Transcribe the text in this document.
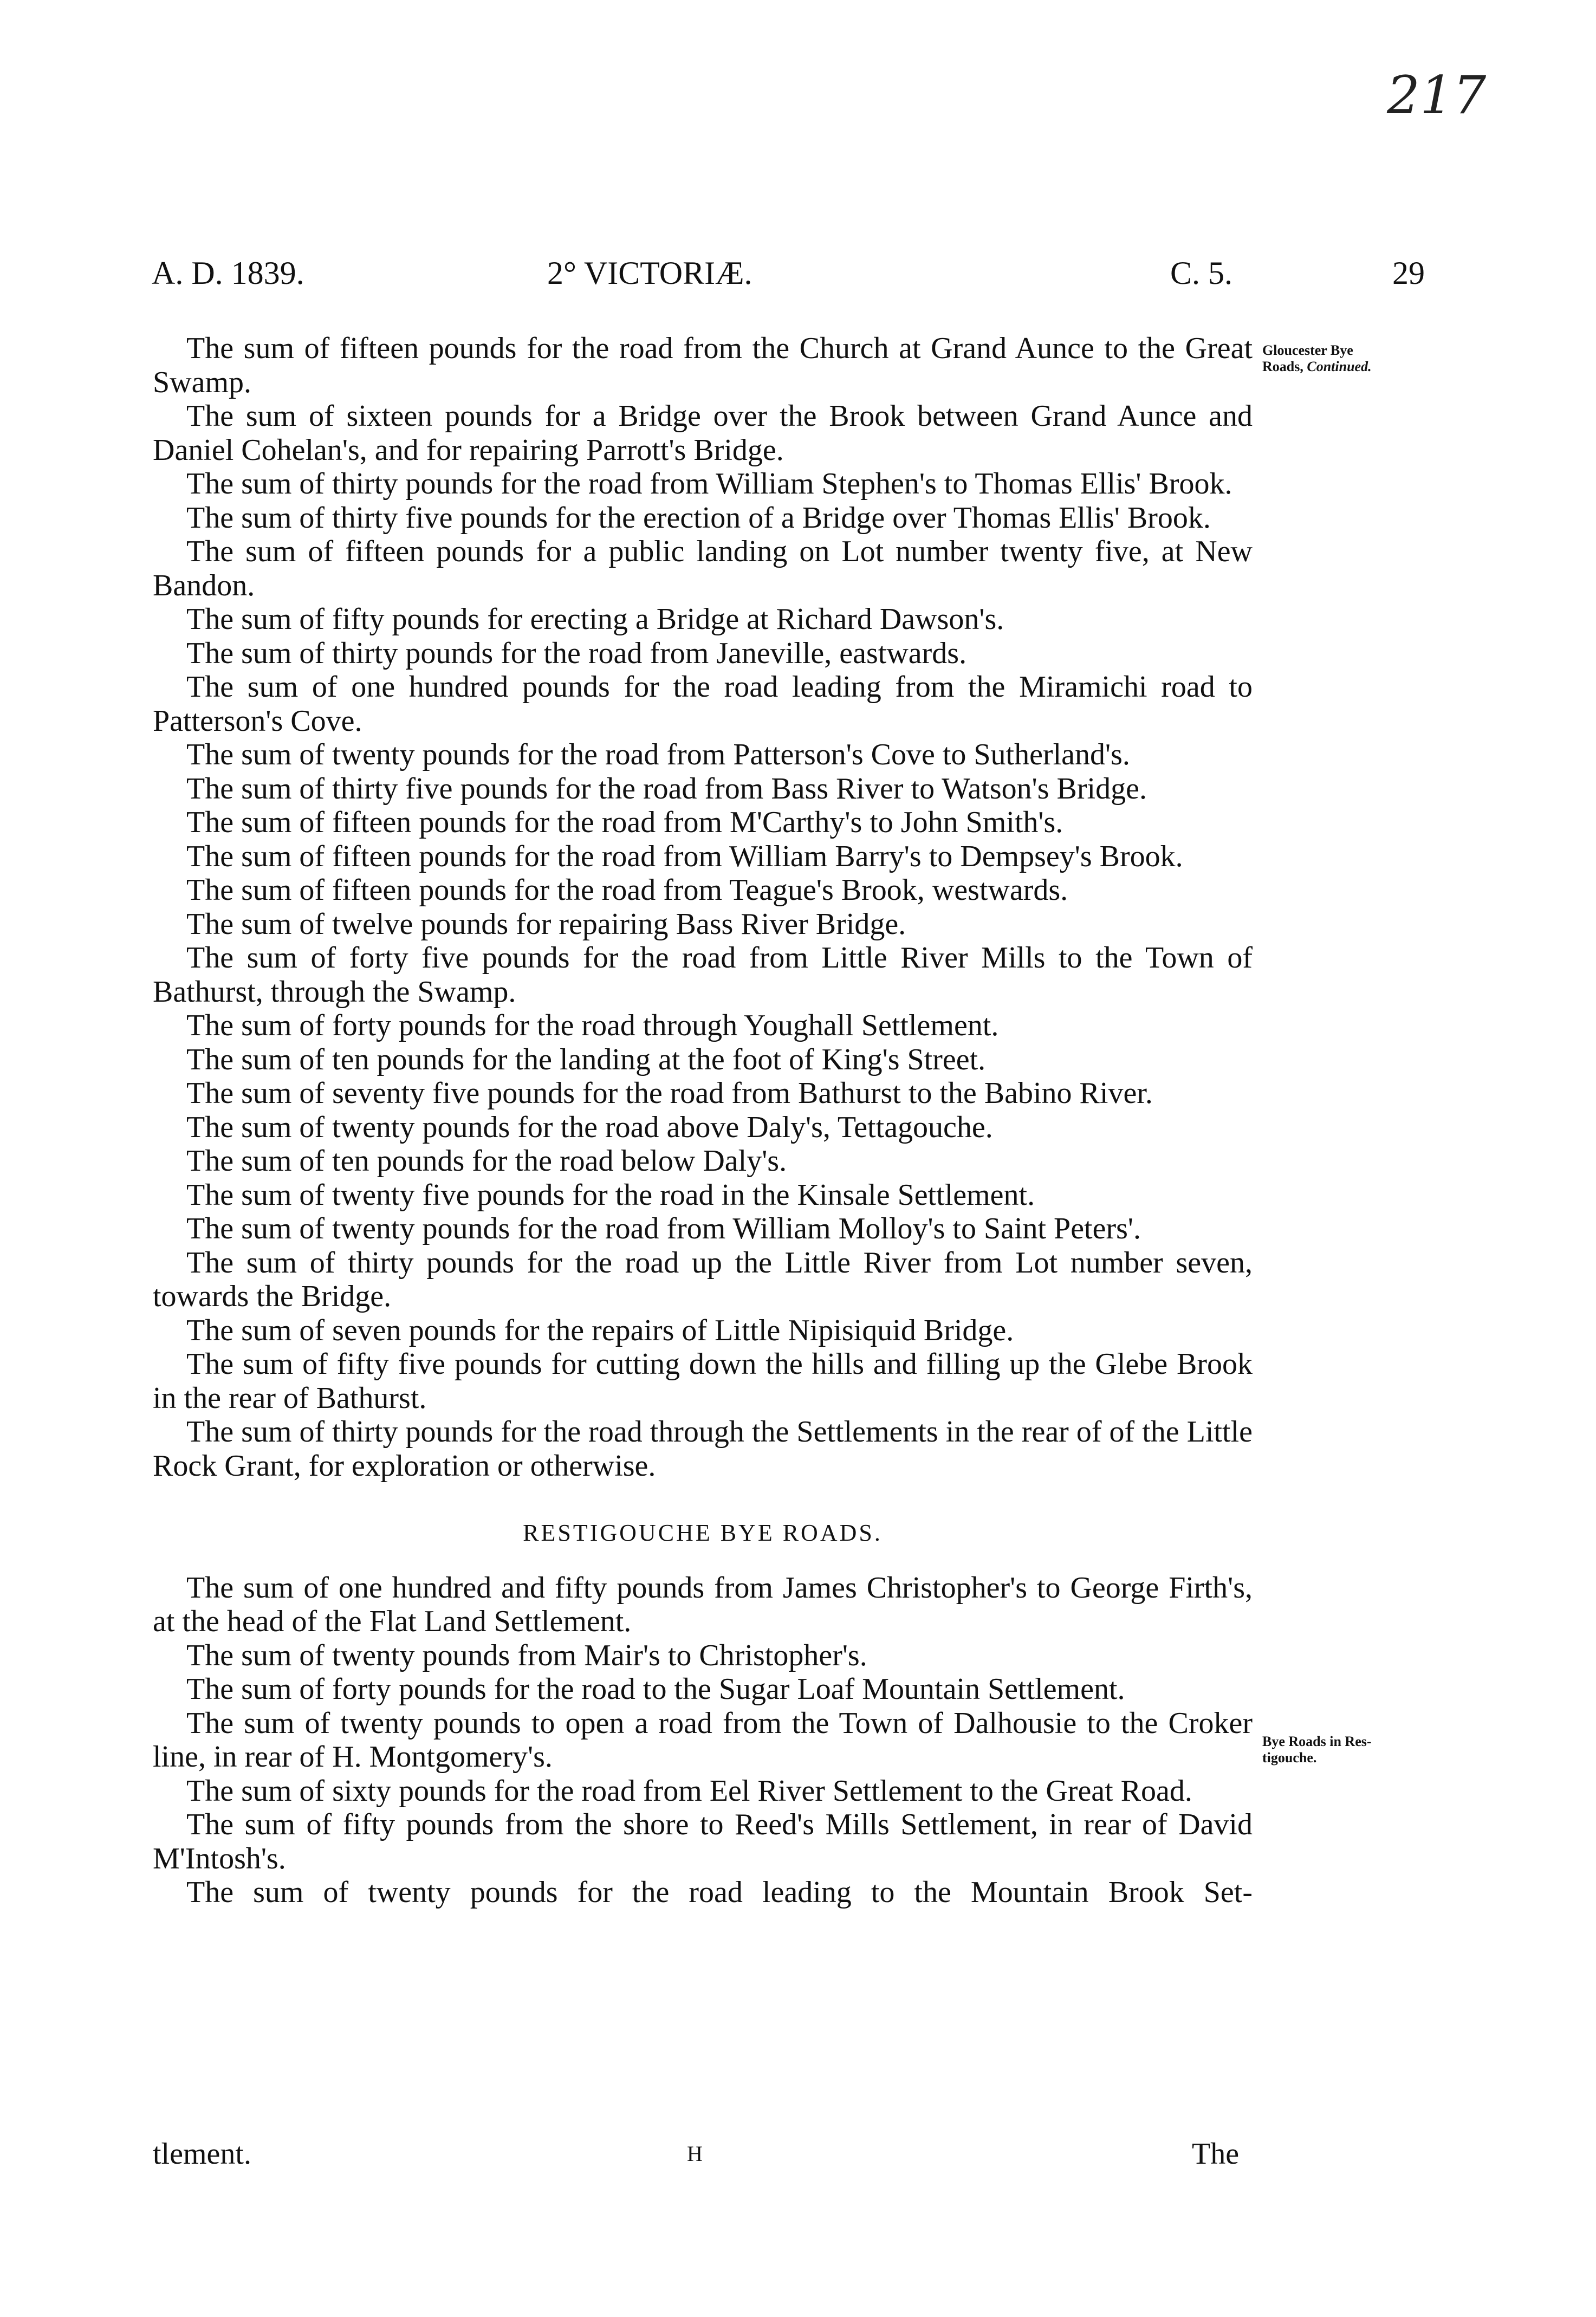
217
A. D. 1839.	2° VICTORIÆ.	C. 5.	29
Gloucester Bye
Roads, Continued.
Bye Roads in Res-
tigouche.

The sum of fifteen pounds for the road from the Church at Grand Aunce to the Great Swamp.

The sum of sixteen pounds for a Bridge over the Brook between Grand Aunce and Daniel Cohelan's, and for repairing Parrott's Bridge.

The sum of thirty pounds for the road from William Stephen's to Thomas Ellis' Brook.

The sum of thirty five pounds for the erection of a Bridge over Thomas Ellis' Brook.

The sum of fifteen pounds for a public landing on Lot number twenty five, at New Bandon.

The sum of fifty pounds for erecting a Bridge at Richard Dawson's.

The sum of thirty pounds for the road from Janeville, eastwards.

The sum of one hundred pounds for the road leading from the Miramichi road to Patterson's Cove.

The sum of twenty pounds for the road from Patterson's Cove to Sutherland's.

The sum of thirty five pounds for the road from Bass River to Watson's Bridge.

The sum of fifteen pounds for the road from M'Carthy's to John Smith's.

The sum of fifteen pounds for the road from William Barry's to Dempsey's Brook.

The sum of fifteen pounds for the road from Teague's Brook, westwards.

The sum of twelve pounds for repairing Bass River Bridge.

The sum of forty five pounds for the road from Little River Mills to the Town of Bathurst, through the Swamp.

The sum of forty pounds for the road through Youghall Settlement.

The sum of ten pounds for the landing at the foot of King's Street.

The sum of seventy five pounds for the road from Bathurst to the Babino River.

The sum of twenty pounds for the road above Daly's, Tettagouche.

The sum of ten pounds for the road below Daly's.

The sum of twenty five pounds for the road in the Kinsale Settlement.

The sum of twenty pounds for the road from William Molloy's to Saint Peters'.

The sum of thirty pounds for the road up the Little River from Lot number seven, towards the Bridge.

The sum of seven pounds for the repairs of Little Nipisiquid Bridge.

The sum of fifty five pounds for cutting down the hills and filling up the Glebe Brook in the rear of Bathurst.

The sum of thirty pounds for the road through the Settlements in the rear of of the Little Rock Grant, for exploration or otherwise.

RESTIGOUCHE BYE ROADS.

The sum of one hundred and fifty pounds from James Christopher's to George Firth's, at the head of the Flat Land Settlement.

The sum of twenty pounds from Mair's to Christopher's.

The sum of forty pounds for the road to the Sugar Loaf Mountain Settlement.

The sum of twenty pounds to open a road from the Town of Dalhousie to the Croker line, in rear of H. Montgomery's.

The sum of sixty pounds for the road from Eel River Settlement to the Great Road.

The sum of fifty pounds from the shore to Reed's Mills Settlement, in rear of David M'Intosh's.

The sum of twenty pounds for the road leading to the Mountain Brook Set-

tlement.	H	The
